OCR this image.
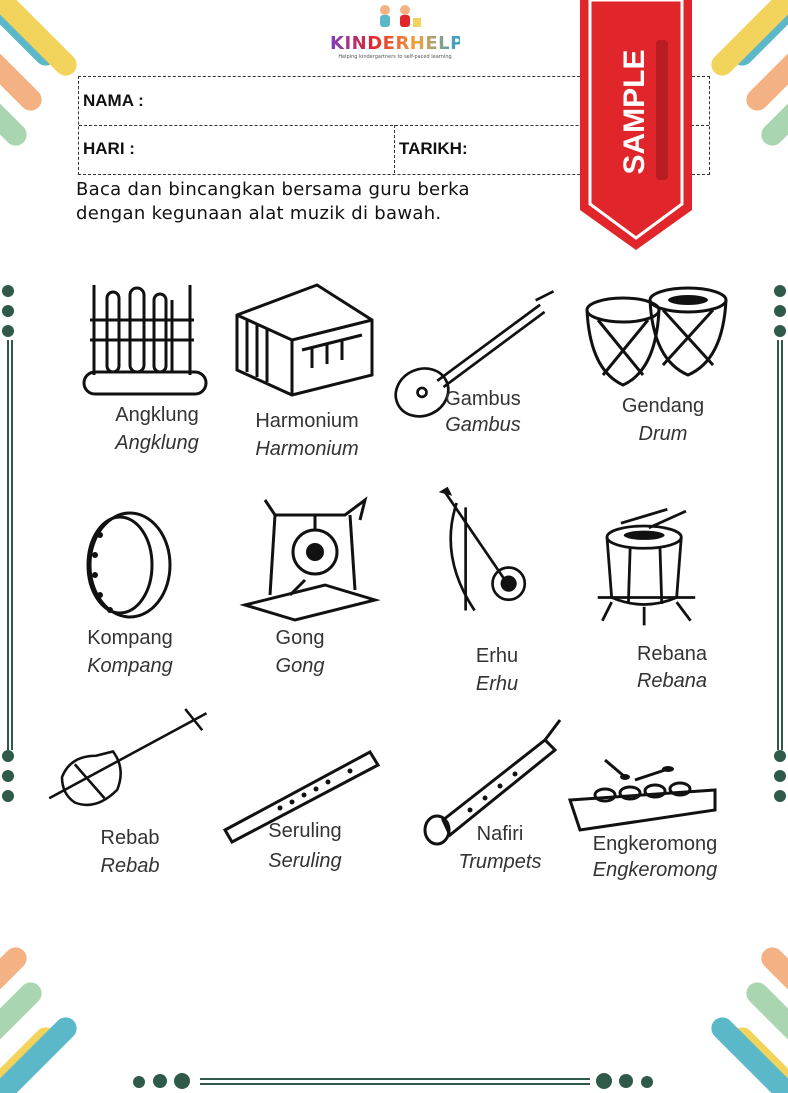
KINDERHELP
Helping kindergartners to self-paced learning
NAMA :
HARI :	TARIKH:
Baca dan bincangkan bersama guru berka
dengan kegunaan alat muzik di bawah.
SAMPLE
Angklung
Angklung
Harmonium
Harmonium
Gambus
Gambus
Gendang
Drum
Kompang
Kompang
Gong
Gong	Erhu
Erhu
Rebana
Rebana
Rebab
Rebab
Seruling
Seruling
Nafiri
Trumpets
Engkeromong
Engkeromong
